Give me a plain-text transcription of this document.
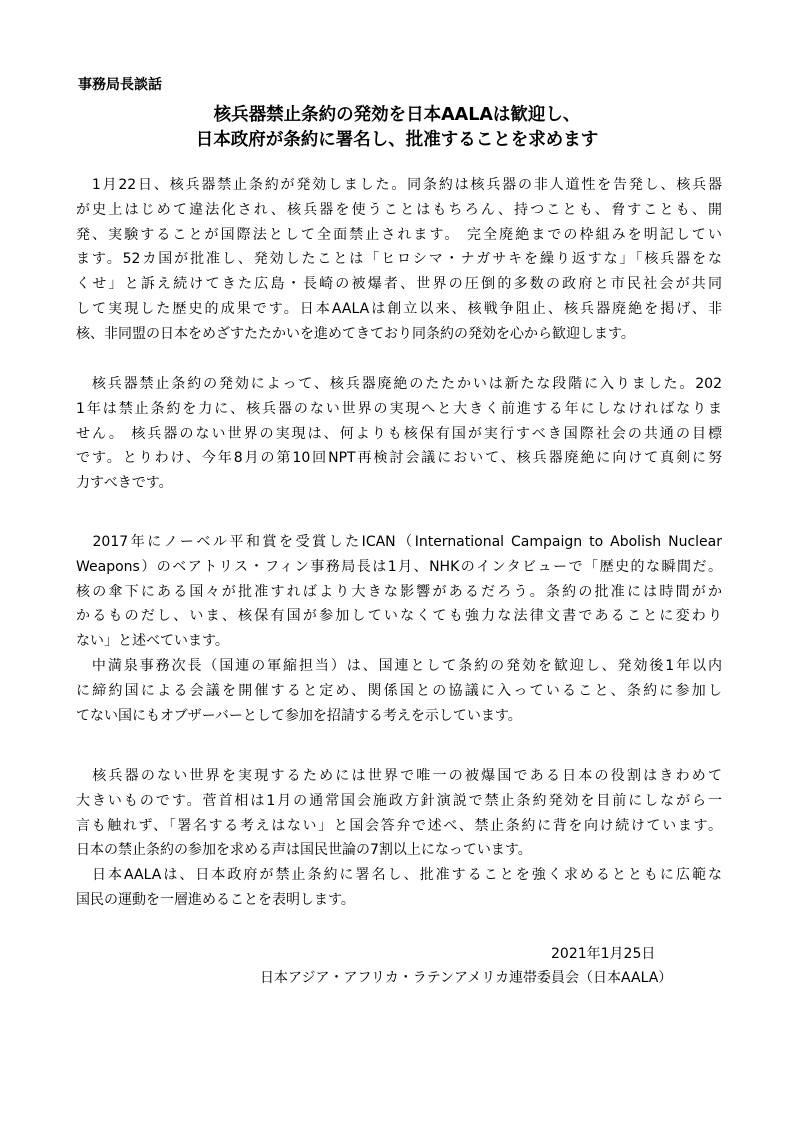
事務局長談話
核兵器禁止条約の発効を日本AALAは歓迎し、
日本政府が条約に署名し、批准することを求めます
　1月22日、核兵器禁止条約が発効しました。同条約は核兵器の非人道性を告発し、核兵器
が史上はじめて違法化され、核兵器を使うことはもちろん、持つことも、脅すことも、開
発、実験することが国際法として全面禁止されます。 完全廃絶までの枠組みを明記してい
ます。52カ国が批准し、発効したことは「ヒロシマ・ナガサキを繰り返すな」「核兵器をな
くせ」と訴え続けてきた広島・長崎の被爆者、世界の圧倒的多数の政府と市民社会が共同
して実現した歴史的成果です。日本AALAは創立以来、核戦争阻止、核兵器廃絶を掲げ、非
核、非同盟の日本をめざすたたかいを進めてきており同条約の発効を心から歓迎します。
　核兵器禁止条約の発効によって、核兵器廃絶のたたかいは新たな段階に入りました。202
1年は禁止条約を力に、核兵器のない世界の実現へと大きく前進する年にしなければなりま
せん。 核兵器のない世界の実現は、何よりも核保有国が実行すべき国際社会の共通の目標
です。とりわけ、今年8月の第10回NPT再検討会議において、核兵器廃絶に向けて真剣に努
力すべきです。
　2017年にノーベル平和賞を受賞したICAN（International Campaign to Abolish Nuclear
Weapons）のベアトリス・フィン事務局長は1月、NHKのインタビューで「歴史的な瞬間だ。
核の傘下にある国々が批准すればより大きな影響があるだろう。条約の批准には時間がか
かるものだし、いま、核保有国が参加していなくても強力な法律文書であることに変わり
ない」と述べています。
　中満泉事務次長（国連の軍縮担当）は、国連として条約の発効を歓迎し、発効後1年以内
に締約国による会議を開催すると定め、関係国との協議に入っていること、条約に参加し
てない国にもオブザーバーとして参加を招請する考えを示しています。
　核兵器のない世界を実現するためには世界で唯一の被爆国である日本の役割はきわめて
大きいものです。菅首相は1月の通常国会施政方針演説で禁止条約発効を目前にしながら一
言も触れず、「署名する考えはない」と国会答弁で述べ、禁止条約に背を向け続けています。
日本の禁止条約の参加を求める声は国民世論の7割以上になっています。
　日本AALAは、日本政府が禁止条約に署名し、批准することを強く求めるとともに広範な
国民の運動を一層進めることを表明します。
2021年1月25日
日本アジア・アフリカ・ラテンアメリカ連帯委員会（日本AALA）
